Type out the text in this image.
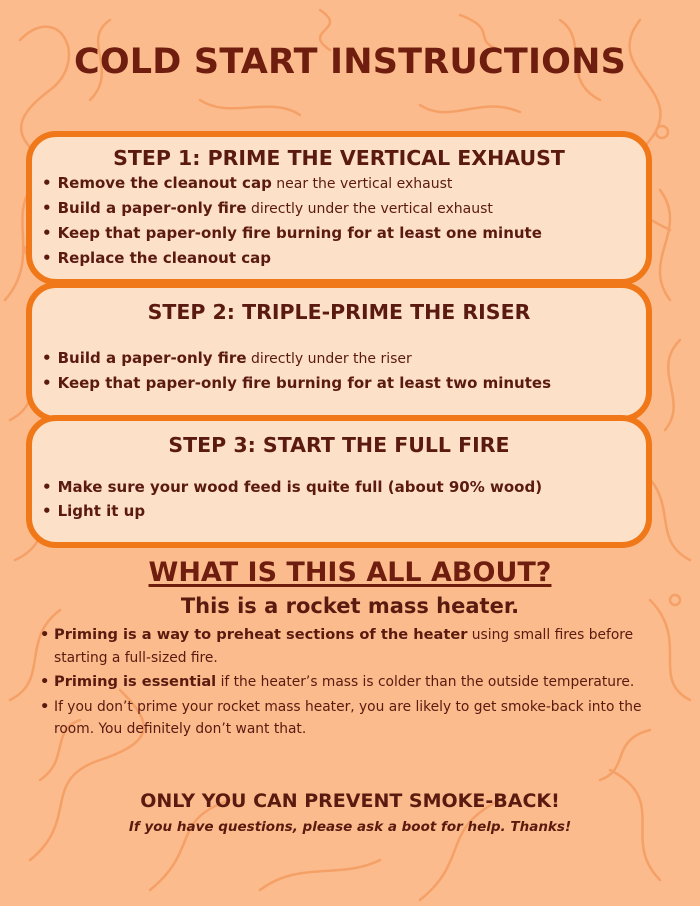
COLD START INSTRUCTIONS
STEP 1: PRIME THE VERTICAL EXHAUST
• Remove the cleanout cap near the vertical exhaust
• Build a paper-only fire directly under the vertical exhaust
• Keep that paper-only fire burning for at least one minute
• Replace the cleanout cap
STEP 2: TRIPLE-PRIME THE RISER
• Build a paper-only fire directly under the riser
• Keep that paper-only fire burning for at least two minutes
STEP 3: START THE FULL FIRE
• Make sure your wood feed is quite full (about 90% wood)
• Light it up
WHAT IS THIS ALL ABOUT?
This is a rocket mass heater.
• Priming is a way to preheat sections of the heater using small fires before starting a full-sized fire.
• Priming is essential if the heater’s mass is colder than the outside temperature.
• If you don’t prime your rocket mass heater, you are likely to get smoke-back into the room. You definitely don’t want that.
ONLY YOU CAN PREVENT SMOKE-BACK!
If you have questions, please ask a boot for help. Thanks!
